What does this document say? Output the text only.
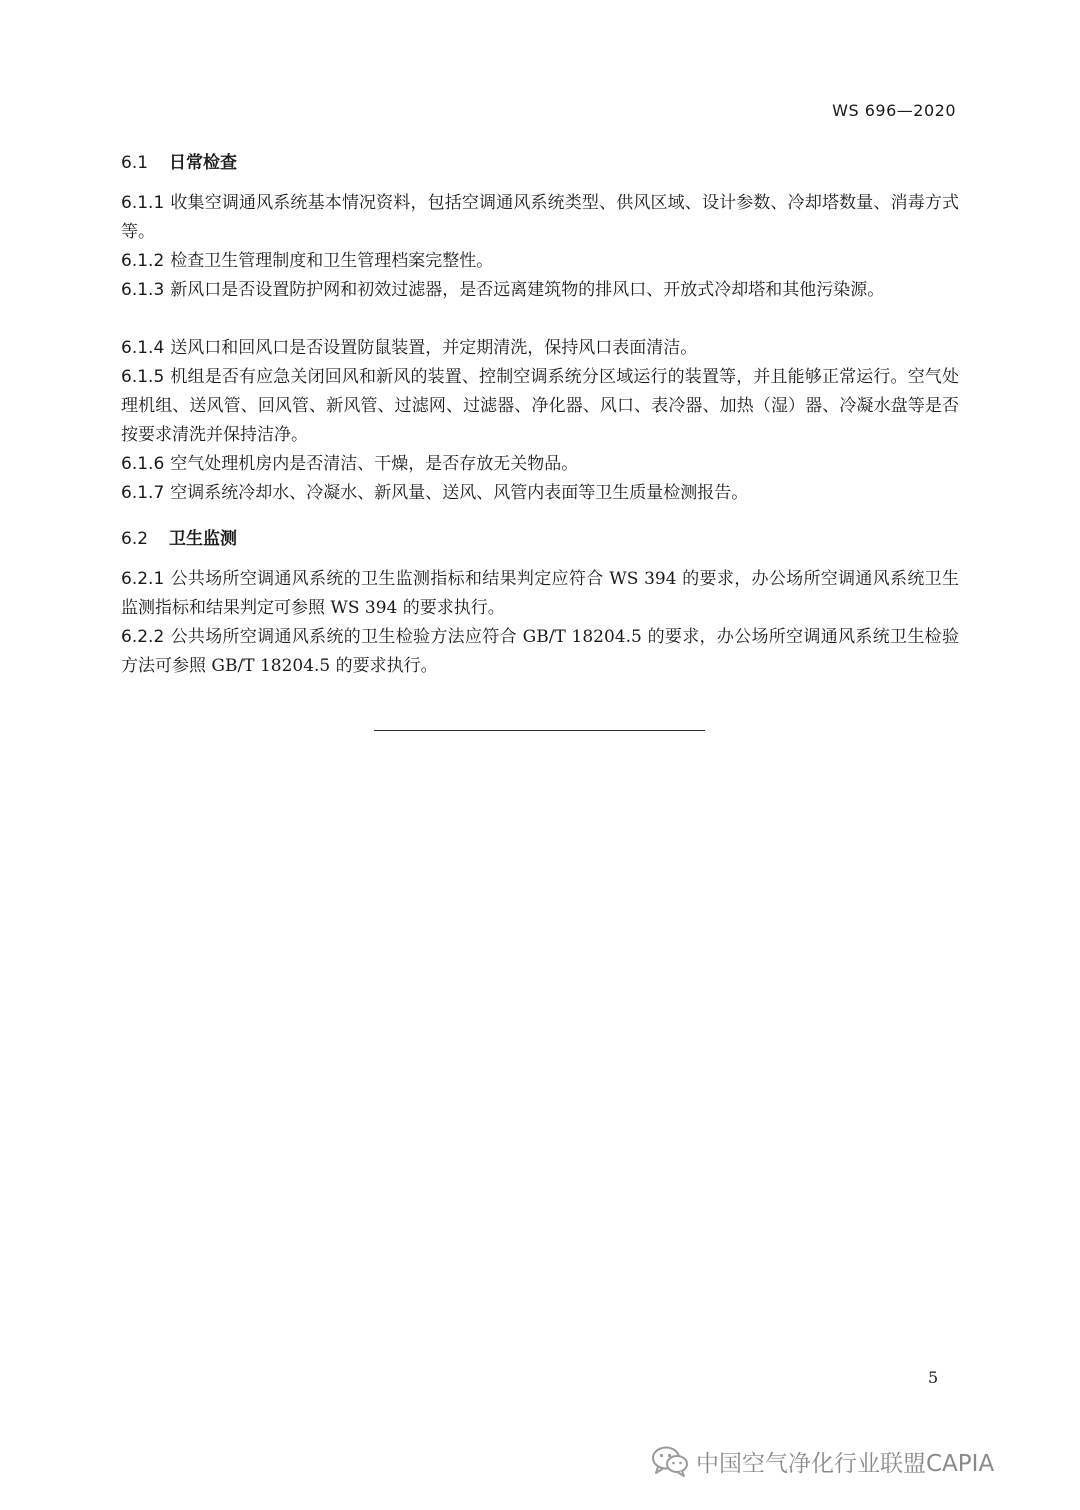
WS 696—2020
6.1 日常检查
6.1.1 收集空调通风系统基本情况资料，包括空调通风系统类型、供风区域、设计参数、冷却塔数量、消毒方式等。
6.1.2 检查卫生管理制度和卫生管理档案完整性。
6.1.3 新风口是否设置防护网和初效过滤器，是否远离建筑物的排风口、开放式冷却塔和其他污染源。
6.1.4 送风口和回风口是否设置防鼠装置，并定期清洗，保持风口表面清洁。
6.1.5 机组是否有应急关闭回风和新风的装置、控制空调系统分区域运行的装置等，并且能够正常运行。空气处理机组、送风管、回风管、新风管、过滤网、过滤器、净化器、风口、表冷器、加热（湿）器、冷凝水盘等是否按要求清洗并保持洁净。
6.1.6 空气处理机房内是否清洁、干燥，是否存放无关物品。
6.1.7 空调系统冷却水、冷凝水、新风量、送风、风管内表面等卫生质量检测报告。
6.2 卫生监测
6.2.1 公共场所空调通风系统的卫生监测指标和结果判定应符合 WS 394 的要求，办公场所空调通风系统卫生监测指标和结果判定可参照 WS 394 的要求执行。
6.2.2 公共场所空调通风系统的卫生检验方法应符合 GB/T 18204.5 的要求，办公场所空调通风系统卫生检验方法可参照 GB/T 18204.5 的要求执行。
5
中国空气净化行业联盟CAPIA
